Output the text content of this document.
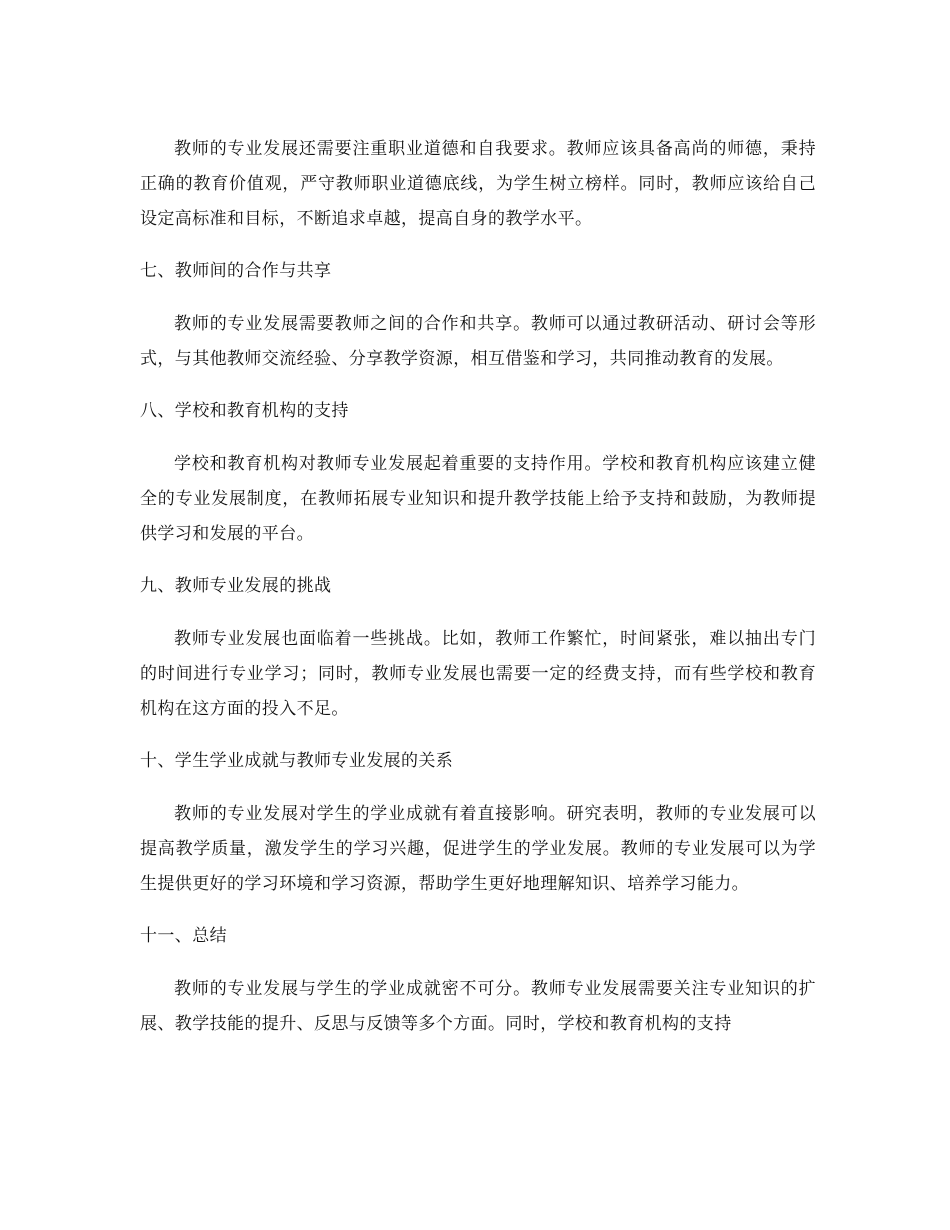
教师的专业发展还需要注重职业道德和自我要求。教师应该具备高尚的师德，秉持正确的教育价值观，严守教师职业道德底线，为学生树立榜样。同时，教师应该给自己设定高标准和目标，不断追求卓越，提高自身的教学水平。

七、教师间的合作与共享

教师的专业发展需要教师之间的合作和共享。教师可以通过教研活动、研讨会等形式，与其他教师交流经验、分享教学资源，相互借鉴和学习，共同推动教育的发展。

八、学校和教育机构的支持

学校和教育机构对教师专业发展起着重要的支持作用。学校和教育机构应该建立健全的专业发展制度，在教师拓展专业知识和提升教学技能上给予支持和鼓励，为教师提供学习和发展的平台。

九、教师专业发展的挑战

教师专业发展也面临着一些挑战。比如，教师工作繁忙，时间紧张，难以抽出专门的时间进行专业学习；同时，教师专业发展也需要一定的经费支持，而有些学校和教育机构在这方面的投入不足。

十、学生学业成就与教师专业发展的关系

教师的专业发展对学生的学业成就有着直接影响。研究表明，教师的专业发展可以提高教学质量，激发学生的学习兴趣，促进学生的学业发展。教师的专业发展可以为学生提供更好的学习环境和学习资源，帮助学生更好地理解知识、培养学习能力。

十一、总结

教师的专业发展与学生的学业成就密不可分。教师专业发展需要关注专业知识的扩展、教学技能的提升、反思与反馈等多个方面。同时，学校和教育机构的支持
